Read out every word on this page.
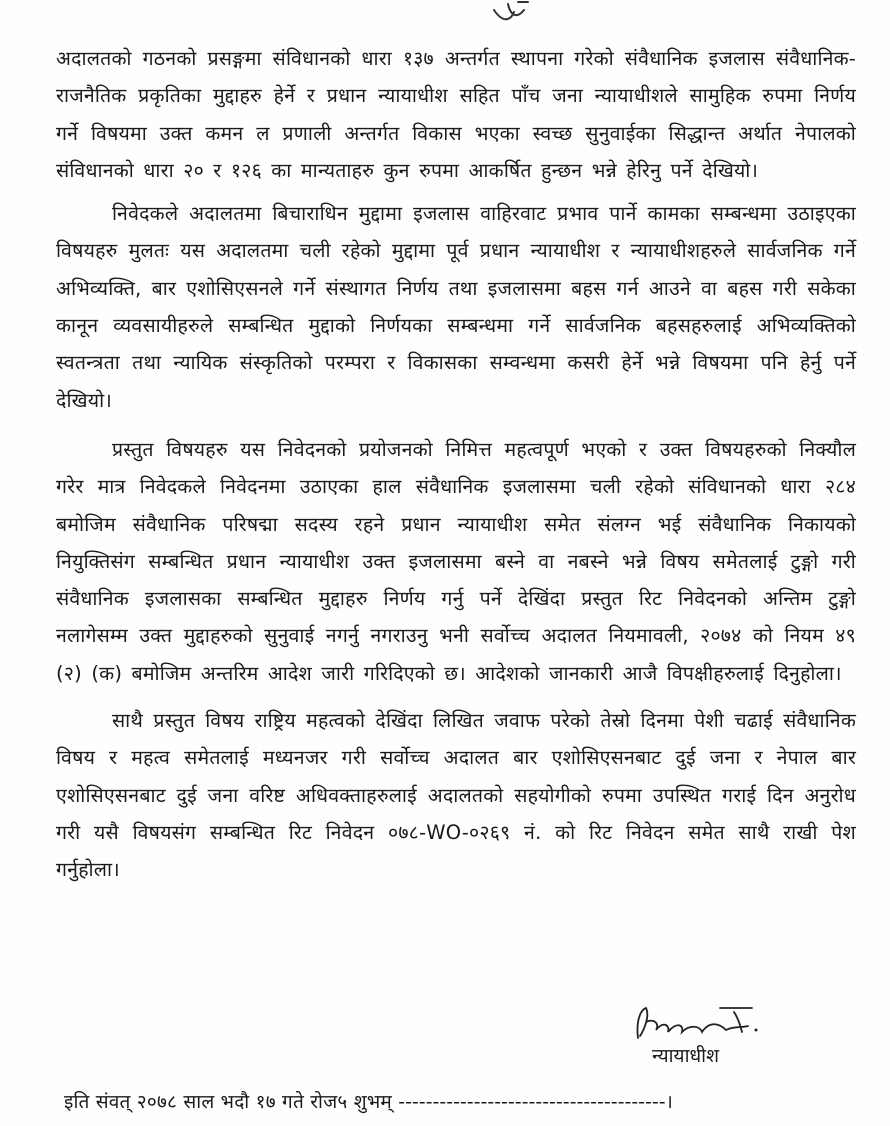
अदालतको गठनको प्रसङ्गमा संविधानको धारा १३७ अन्तर्गत स्थापना गरेको संवैधानिक इजलास संवैधानिक-राजनैतिक प्रकृतिका मुद्दाहरु हेर्ने र प्रधान न्यायाधीश सहित पाँच जना न्यायाधीशले सामुहिक रुपमा निर्णय गर्ने विषयमा उक्त कमन ल प्रणाली अन्तर्गत विकास भएका स्वच्छ सुनुवाईका सिद्धान्त अर्थात नेपालको संविधानको धारा २० र १२६ का मान्यताहरु कुन रुपमा आकर्षित हुन्छन भन्ने हेरिनु पर्ने देखियो।

निवेदकले अदालतमा बिचाराधिन मुद्दामा इजलास वाहिरवाट प्रभाव पार्ने कामका सम्बन्धमा उठाइएका विषयहरु मुलतः यस अदालतमा चली रहेको मुद्दामा पूर्व प्रधान न्यायाधीश र न्यायाधीशहरुले सार्वजनिक गर्ने अभिव्यक्ति, बार एशोसिएसनले गर्ने संस्थागत निर्णय तथा इजलासमा बहस गर्न आउने वा बहस गरी सकेका कानून व्यवसायीहरुले सम्बन्धित मुद्दाको निर्णयका सम्बन्धमा गर्ने सार्वजनिक बहसहरुलाई अभिव्यक्तिको स्वतन्त्रता तथा न्यायिक संस्कृतिको परम्परा र विकासका सम्वन्धमा कसरी हेर्ने भन्ने विषयमा पनि हेर्नु पर्ने देखियो।

प्रस्तुत विषयहरु यस निवेदनको प्रयोजनको निमित्त महत्वपूर्ण भएको र उक्त विषयहरुको निक्यौल गरेर मात्र निवेदकले निवेदनमा उठाएका हाल संवैधानिक इजलासमा चली रहेको संविधानको धारा २८४ बमोजिम संवैधानिक परिषद्मा सदस्य रहने प्रधान न्यायाधीश समेत संलग्न भई संवैधानिक निकायको नियुक्तिसंग सम्बन्धित प्रधान न्यायाधीश उक्त इजलासमा बस्ने वा नबस्ने भन्ने विषय समेतलाई टुङ्गो गरी संवैधानिक इजलासका सम्बन्धित मुद्दाहरु निर्णय गर्नु पर्ने देखिंदा प्रस्तुत रिट निवेदनको अन्तिम टुङ्गो नलागेसम्म उक्त मुद्दाहरुको सुनुवाई नगर्नु नगराउनु भनी सर्वोच्च अदालत नियमावली, २०७४ को नियम ४९ (२) (क) बमोजिम अन्तरिम आदेश जारी गरिदिएको छ। आदेशको जानकारी आजै विपक्षीहरुलाई दिनुहोला।

साथै प्रस्तुत विषय राष्ट्रिय महत्वको देखिंदा लिखित जवाफ परेको तेस्रो दिनमा पेशी चढाई संवैधानिक विषय र महत्व समेतलाई मध्यनजर गरी सर्वोच्च अदालत बार एशोसिएसनबाट दुई जना र नेपाल बार एशोसिएसनबाट दुई जना वरिष्ट अधिवक्ताहरुलाई अदालतको सहयोगीको रुपमा उपस्थित गराई दिन अनुरोध गरी यसै विषयसंग सम्बन्धित रिट निवेदन ०७८-WO-०२६९ नं. को रिट निवेदन समेत साथै राखी पेश गर्नुहोला।

न्यायाधीश
इति संवत् २०७८ साल भदौ १७ गते रोज५ शुभम् ---------------------------------------।
